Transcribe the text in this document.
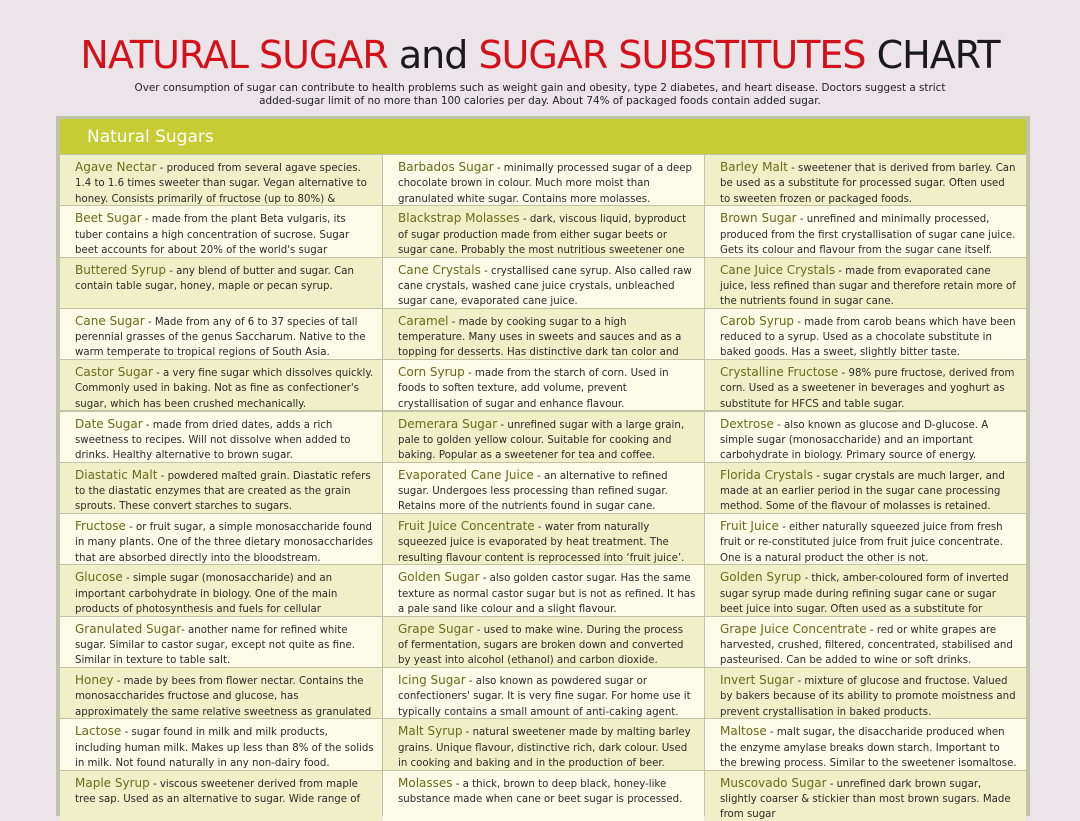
NATURAL SUGAR and SUGAR SUBSTITUTES CHART
Over consumption of sugar can contribute to health problems such as weight gain and obesity, type 2 diabetes, and heart disease. Doctors suggest a strict added-sugar limit of no more than 100 calories per day. About 74% of packaged foods contain added sugar.
Natural Sugars
Agave Nectar - produced from several agave species. 1.4 to 1.6 times sweeter than sugar. Vegan alternative to honey. Consists primarily of fructose (up to 80%) &
Barbados Sugar - minimally processed sugar of a deep chocolate brown in colour. Much more moist than granulated white sugar. Contains more molasses.
Barley Malt - sweetener that is derived from barley. Can be used as a substitute for processed sugar. Often used to sweeten frozen or packaged foods.
Beet Sugar - made from the plant Beta vulgaris, its tuber contains a high concentration of sucrose. Sugar beet accounts for about 20% of the world's sugar
Blackstrap Molasses - dark, viscous liquid, byproduct of sugar production made from either sugar beets or sugar cane. Probably the most nutritious sweetener one
Brown Sugar - unrefined and minimally processed, produced from the first crystallisation of sugar cane juice. Gets its colour and flavour from the sugar cane itself.
Buttered Syrup - any blend of butter and sugar. Can contain table sugar, honey, maple or pecan syrup.
Cane Crystals - crystallised cane syrup. Also called raw cane crystals, washed cane juice crystals, unbleached sugar cane, evaporated cane juice.
Cane Juice Crystals - made from evaporated cane juice, less refined than sugar and therefore retain more of the nutrients found in sugar cane.
Cane Sugar - Made from any of 6 to 37 species of tall perennial grasses of the genus Saccharum. Native to the warm temperate to tropical regions of South Asia.
Caramel - made by cooking sugar to a high temperature. Many uses in sweets and sauces and as a topping for desserts. Has distinctive dark tan color and
Carob Syrup - made from carob beans which have been reduced to a syrup. Used as a chocolate substitute in baked goods. Has a sweet, slightly bitter taste.
Castor Sugar - a very fine sugar which dissolves quickly. Commonly used in baking. Not as fine as confectioner's sugar, which has been crushed mechanically.
Corn Syrup - made from the starch of corn. Used in foods to soften texture, add volume, prevent crystallisation of sugar and enhance flavour.
Crystalline Fructose - 98% pure fructose, derived from corn. Used as a sweetener in beverages and yoghurt as substitute for HFCS and table sugar.
Date Sugar - made from dried dates, adds a rich sweetness to recipes. Will not dissolve when added to drinks. Healthy alternative to brown sugar.
Demerara Sugar - unrefined sugar with a large grain, pale to golden yellow colour. Suitable for cooking and baking. Popular as a sweetener for tea and coffee.
Dextrose - also known as glucose and D-glucose. A simple sugar (monosaccharide) and an important carbohydrate in biology. Primary source of energy.
Diastatic Malt - powdered malted grain. Diastatic refers to the diastatic enzymes that are created as the grain sprouts. These convert starches to sugars.
Evaporated Cane Juice - an alternative to refined sugar. Undergoes less processing than refined sugar. Retains more of the nutrients found in sugar cane.
Florida Crystals - sugar crystals are much larger, and made at an earlier period in the sugar cane processing method. Some of the flavour of molasses is retained.
Fructose - or fruit sugar, a simple monosaccharide found in many plants. One of the three dietary monosaccharides that are absorbed directly into the bloodstream.
Fruit Juice Concentrate - water from naturally squeezed juice is evaporated by heat treatment. The resulting flavour content is reprocessed into ‘fruit juice’.
Fruit Juice - either naturally squeezed juice from fresh fruit or re-constituted juice from fruit juice concentrate. One is a natural product the other is not.
Glucose - simple sugar (monosaccharide) and an important carbohydrate in biology. One of the main products of photosynthesis and fuels for cellular
Golden Sugar - also golden castor sugar. Has the same texture as normal castor sugar but is not as refined. It has a pale sand like colour and a slight flavour.
Golden Syrup - thick, amber-coloured form of inverted sugar syrup made during refining sugar cane or sugar beet juice into sugar. Often used as a substitute for
Granulated Sugar- another name for refined white sugar. Similar to castor sugar, except not quite as fine. Similar in texture to table salt.
Grape Sugar - used to make wine. During the process of fermentation, sugars are broken down and converted by yeast into alcohol (ethanol) and carbon dioxide.
Grape Juice Concentrate - red or white grapes are harvested, crushed, filtered, concentrated, stabilised and pasteurised. Can be added to wine or soft drinks.
Honey - made by bees from flower nectar. Contains the monosaccharides fructose and glucose, has approximately the same relative sweetness as granulated
Icing Sugar - also known as powdered sugar or confectioners' sugar. It is very fine sugar. For home use it typically contains a small amount of anti-caking agent.
Invert Sugar - mixture of glucose and fructose. Valued by bakers because of its ability to promote moistness and prevent crystallisation in baked products.
Lactose - sugar found in milk and milk products, including human milk. Makes up less than 8% of the solids in milk. Not found naturally in any non-dairy food.
Malt Syrup - natural sweetener made by malting barley grains. Unique flavour, distinctive rich, dark colour. Used in cooking and baking and in the production of beer.
Maltose - malt sugar, the disaccharide produced when the enzyme amylase breaks down starch. Important to the brewing process. Similar to the sweetener isomaltose.
Maple Syrup - viscous sweetener derived from maple tree sap. Used as an alternative to sugar. Wide range of
Molasses - a thick, brown to deep black, honey-like substance made when cane or beet sugar is processed.
Muscovado Sugar - unrefined dark brown sugar, slightly coarser & stickier than most brown sugars. Made from sugar
